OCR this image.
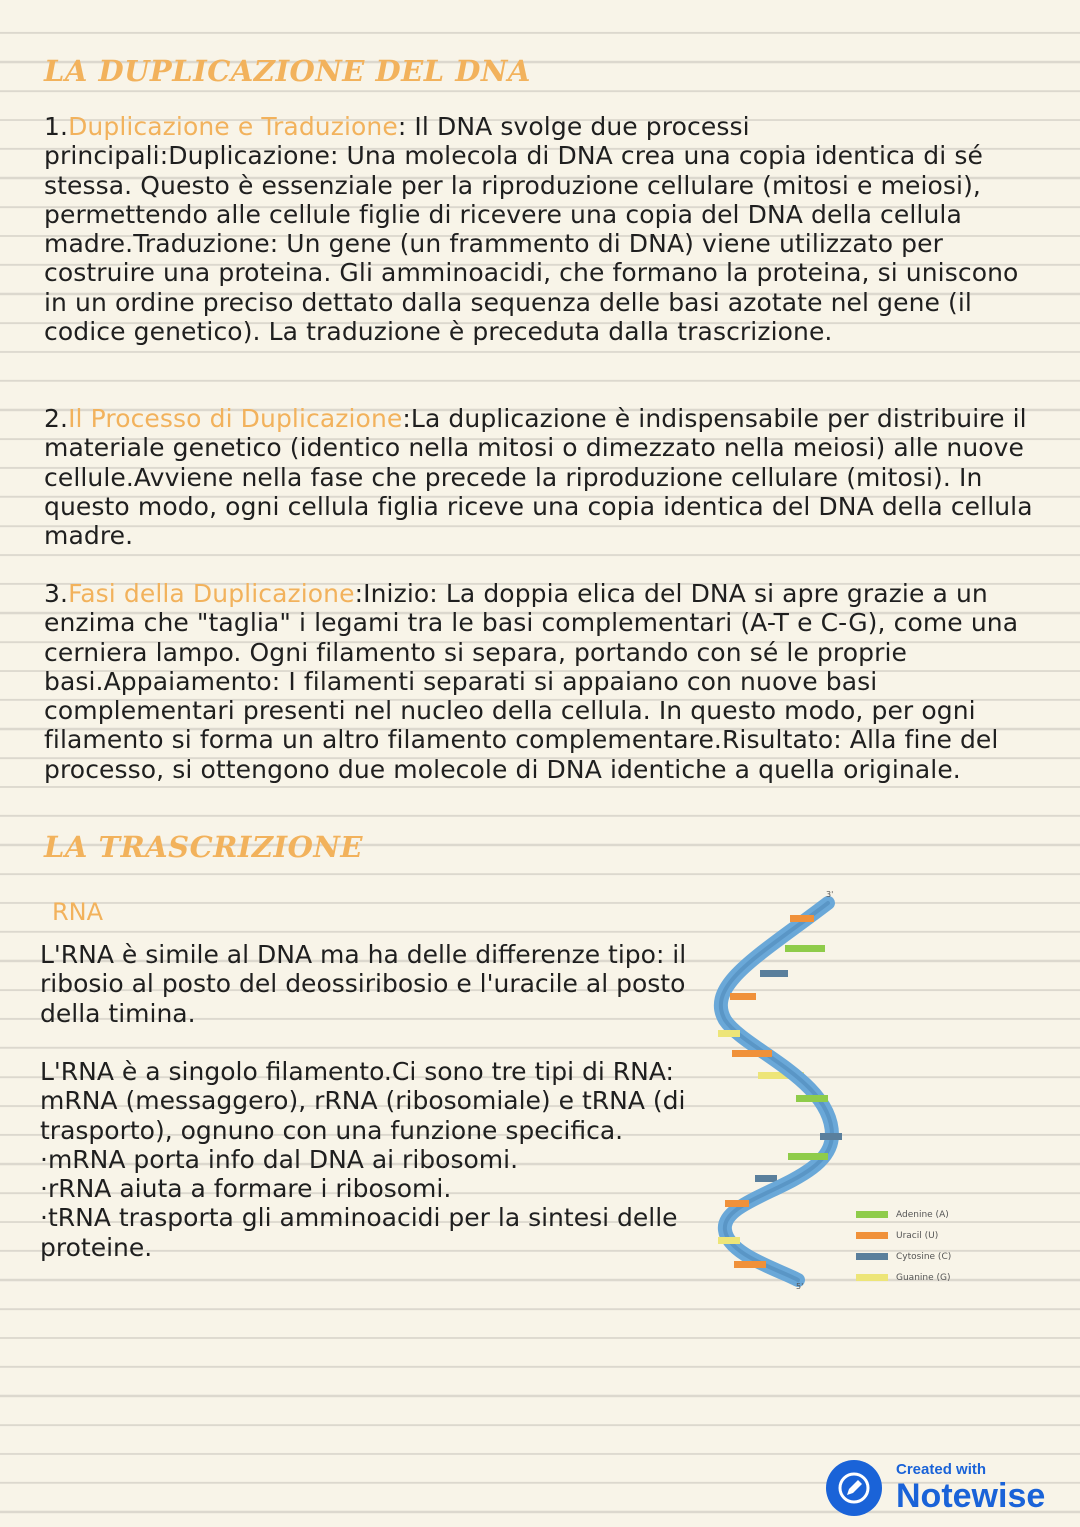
LA DUPLICAZIONE DEL DNA

1.Duplicazione e Traduzione: Il DNA svolge due processi principali:Duplicazione: Una molecola di DNA crea una copia identica di sé stessa. Questo è essenziale per la riproduzione cellulare (mitosi e meiosi), permettendo alle cellule figlie di ricevere una copia del DNA della cellula madre.Traduzione: Un gene (un frammento di DNA) viene utilizzato per costruire una proteina. Gli amminoacidi, che formano la proteina, si uniscono in un ordine preciso dettato dalla sequenza delle basi azotate nel gene (il codice genetico). La traduzione è preceduta dalla trascrizione.

2.Il Processo di Duplicazione:La duplicazione è indispensabile per distribuire il materiale genetico (identico nella mitosi o dimezzato nella meiosi) alle nuove cellule.Avviene nella fase che precede la riproduzione cellulare (mitosi). In questo modo, ogni cellula figlia riceve una copia identica del DNA della cellula madre.

3.Fasi della Duplicazione:Inizio: La doppia elica del DNA si apre grazie a un enzima che "taglia" i legami tra le basi complementari (A-T e C-G), come una cerniera lampo. Ogni filamento si separa, portando con sé le proprie basi.Appaiamento: I filamenti separati si appaiano con nuove basi complementari presenti nel nucleo della cellula. In questo modo, per ogni filamento si forma un altro filamento complementare.Risultato: Alla fine del processo, si ottengono due molecole di DNA identiche a quella originale.

LA TRASCRIZIONE

RNA

L'RNA è simile al DNA ma ha delle differenze tipo: il ribosio al posto del deossiribosio e l'uracile al posto della timina.

L'RNA è a singolo filamento.Ci sono tre tipi di RNA: mRNA (messaggero), rRNA (ribosomiale) e tRNA (di trasporto), ognuno con una funzione specifica.
·mRNA porta info dal DNA ai ribosomi.
·rRNA aiuta a formare i ribosomi.
·tRNA trasporta gli amminoacidi per la sintesi delle proteine.
3'
5'
Adenine (A)
Uracil (U)
Cytosine (C)
Guanine (G)
Created with
Notewise
